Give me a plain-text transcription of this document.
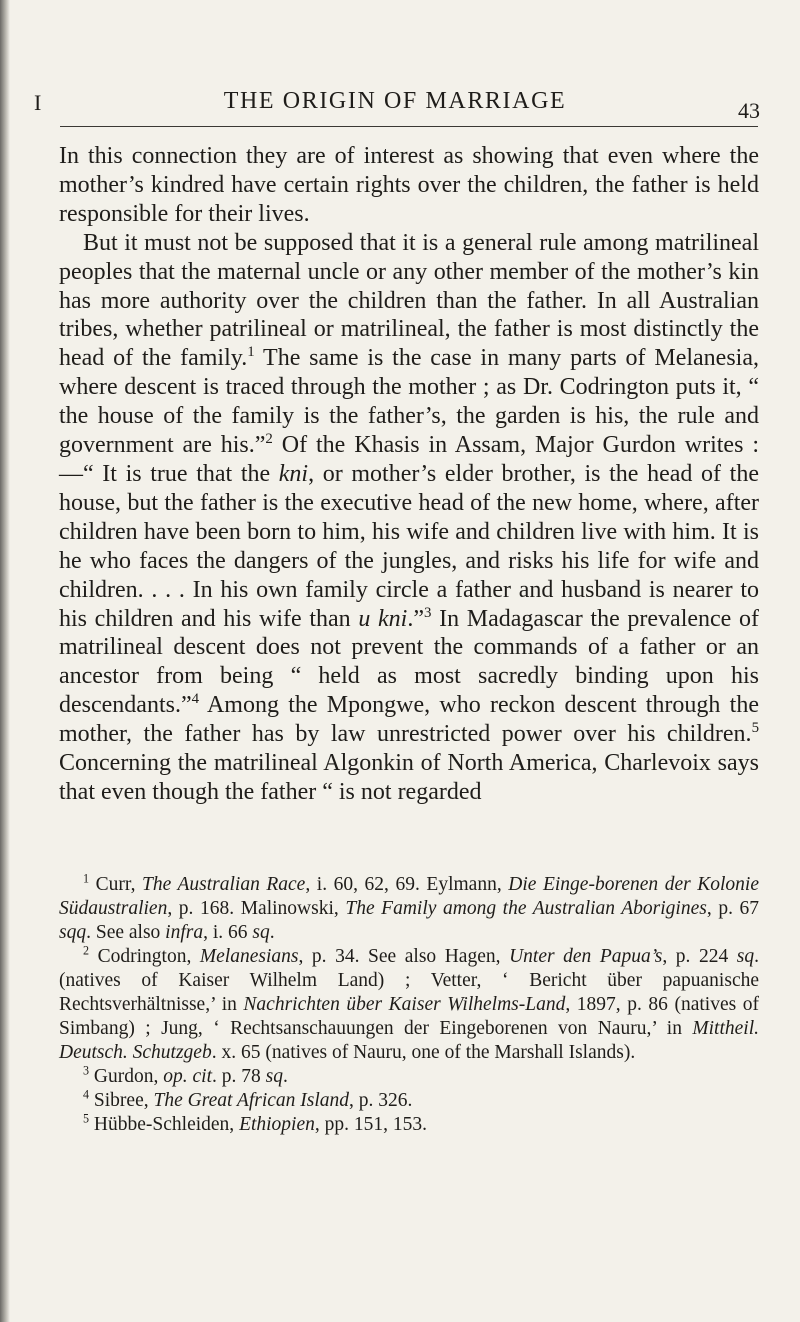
I	THE ORIGIN OF MARRIAGE	43

In this connection they are of interest as showing that even where the mother’s kindred have certain rights over the children, the father is held responsible for their lives.

But it must not be supposed that it is a general rule among matrilineal peoples that the maternal uncle or any other member of the mother’s kin has more authority over the children than the father. In all Australian tribes, whether patrilineal or matrilineal, the father is most distinctly the head of the family.$^1$ The same is the case in many parts of Melanesia, where descent is traced through the mother ; as Dr. Codrington puts it, “ the house of the family is the father’s, the garden is his, the rule and government are his.”$^2$ Of the Khasis in Assam, Major Gurdon writes :—“ It is true that the kni, or mother’s elder brother, is the head of the house, but the father is the executive head of the new home, where, after children have been born to him, his wife and children live with him. It is he who faces the dangers of the jungles, and risks his life for wife and children. . . . In his own family circle a father and husband is nearer to his children and his wife than u kni.”$^3$ In Madagascar the prevalence of matrilineal descent does not prevent the commands of a father or an ancestor from being “ held as most sacredly binding upon his descendants.”$^4$ Among the Mpongwe, who reckon descent through the mother, the father has by law unrestricted power over his children.$^5$ Concerning the matrilineal Algonkin of North America, Charlevoix says that even though the father “ is not regarded

$^1$ Curr, The Australian Race, i. 60, 62, 69. Eylmann, Die Einge-borenen der Kolonie Südaustralien, p. 168. Malinowski, The Family among the Australian Aborigines, p. 67 sqq. See also infra, i. 66 sq.

$^2$ Codrington, Melanesians, p. 34. See also Hagen, Unter den Papua’s, p. 224 sq. (natives of Kaiser Wilhelm Land) ; Vetter, ‘ Bericht über papuanische Rechtsverhältnisse,’ in Nachrichten über Kaiser Wilhelms-Land, 1897, p. 86 (natives of Simbang) ; Jung, ‘ Rechtsanschauungen der Eingeborenen von Nauru,’ in Mittheil. Deutsch. Schutzgeb. x. 65 (natives of Nauru, one of the Marshall Islands).

$^3$ Gurdon, op. cit. p. 78 sq.

$^4$ Sibree, The Great African Island, p. 326.

$^5$ Hübbe-Schleiden, Ethiopien, pp. 151, 153.
